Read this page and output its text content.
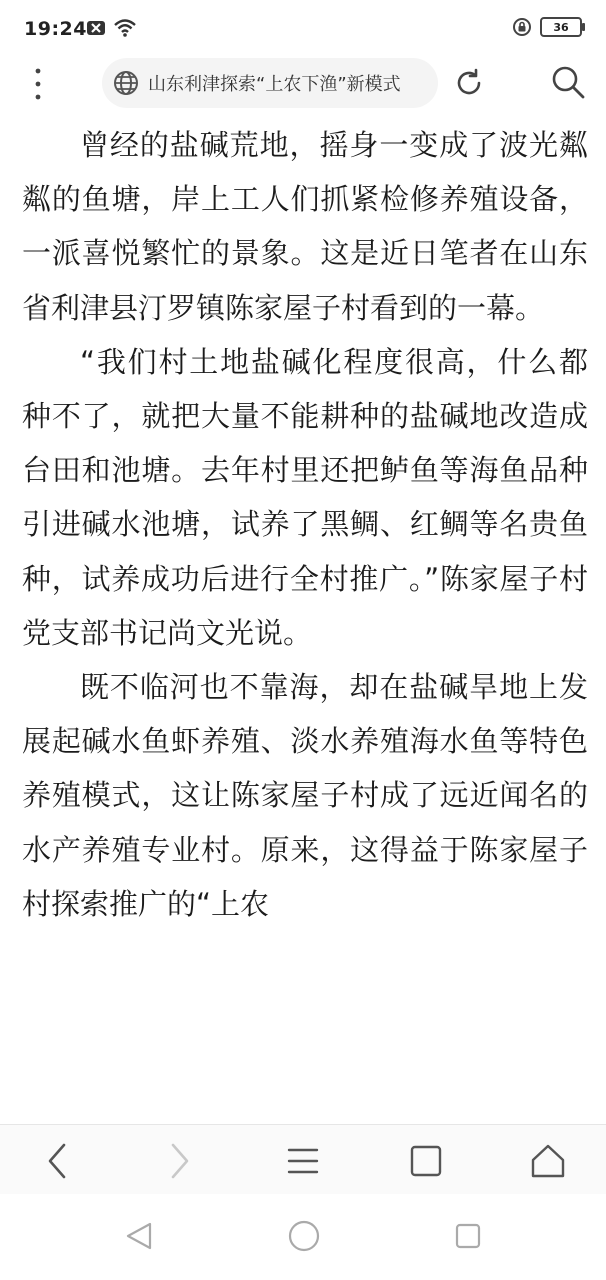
19:24	36
山东利津探索“上农下渔”新模式

曾经的盐碱荒地，摇身一变成了波光粼粼的鱼塘，岸上工人们抓紧检修养殖设备，一派喜悦繁忙的景象。这是近日笔者在山东省利津县汀罗镇陈家屋子村看到的一幕。

“我们村土地盐碱化程度很高，什么都种不了，就把大量不能耕种的盐碱地改造成台田和池塘。去年村里还把鲈鱼等海鱼品种引进碱水池塘，试养了黑鲷、红鲷等名贵鱼种，试养成功后进行全村推广。”陈家屋子村党支部书记尚文光说。

既不临河也不靠海，却在盐碱旱地上发展起碱水鱼虾养殖、淡水养殖海水鱼等特色养殖模式，这让陈家屋子村成了远近闻名的水产养殖专业村。原来，这得益于陈家屋子村探索推广的“上农
